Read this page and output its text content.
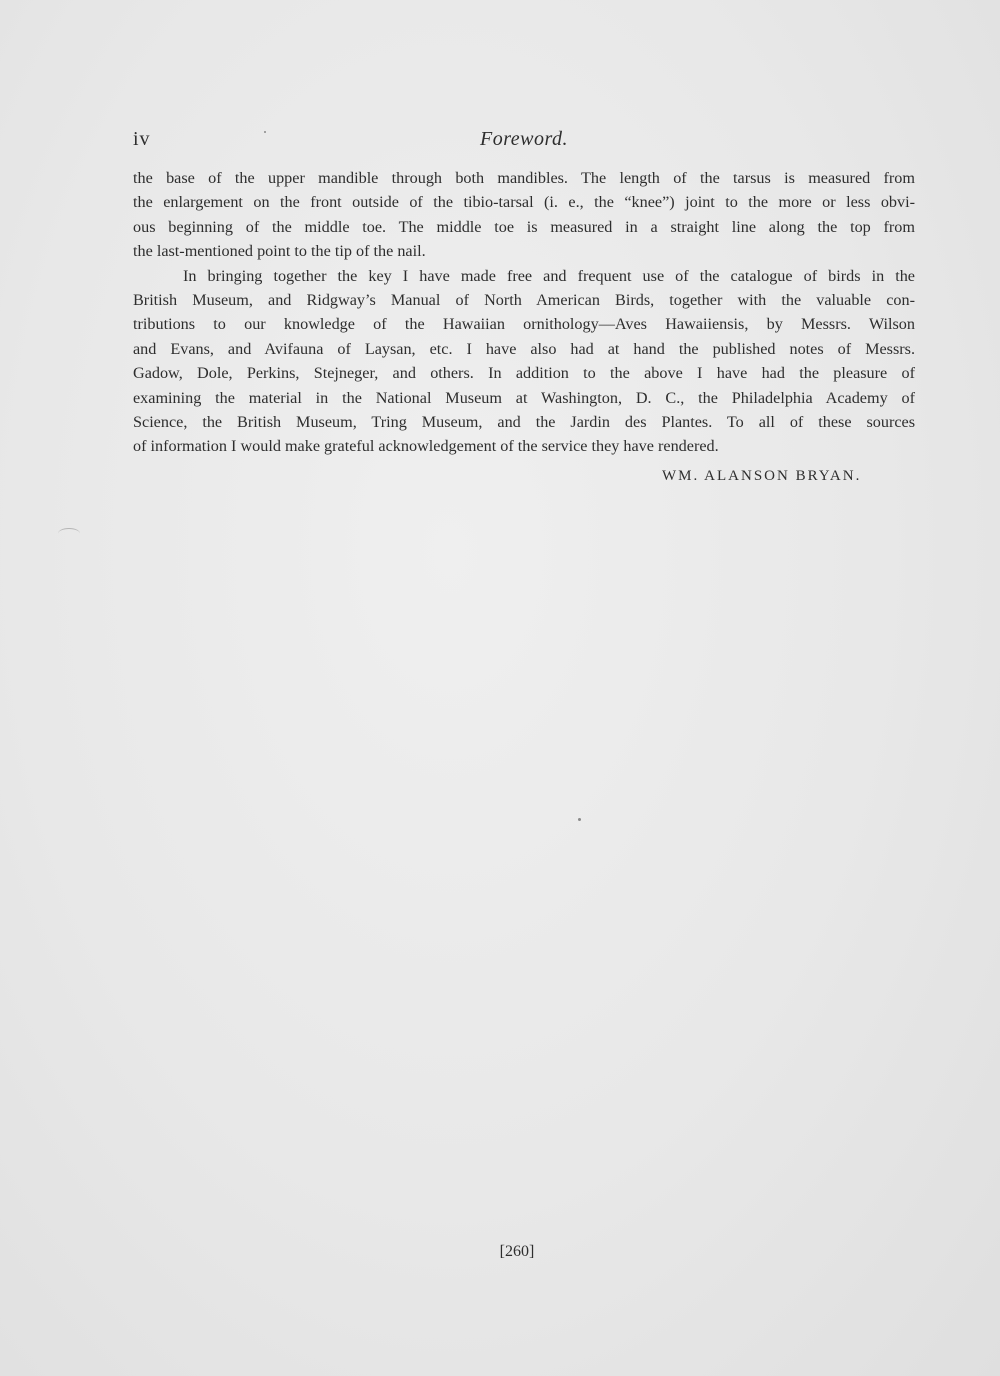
iv	Foreword.
the base of the upper mandible through both mandibles. The length of the tarsus is measured from
the enlargement on the front outside of the tibio-tarsal (i. e., the “knee”) joint to the more or less obvi-
ous beginning of the middle toe. The middle toe is measured in a straight line along the top from
the last-mentioned point to the tip of the nail.
In bringing together the key I have made free and frequent use of the catalogue of birds in the
British Museum, and Ridgway’s Manual of North American Birds, together with the valuable con-
tributions to our knowledge of the Hawaiian ornithology—Aves Hawaiiensis, by Messrs. Wilson
and Evans, and Avifauna of Laysan, etc. I have also had at hand the published notes of Messrs.
Gadow, Dole, Perkins, Stejneger, and others. In addition to the above I have had the pleasure of
examining the material in the National Museum at Washington, D. C., the Philadelphia Academy of
Science, the British Museum, Tring Museum, and the Jardin des Plantes. To all of these sources
of information I would make grateful acknowledgement of the service they have rendered.
WM. ALANSON BRYAN.
[260]
